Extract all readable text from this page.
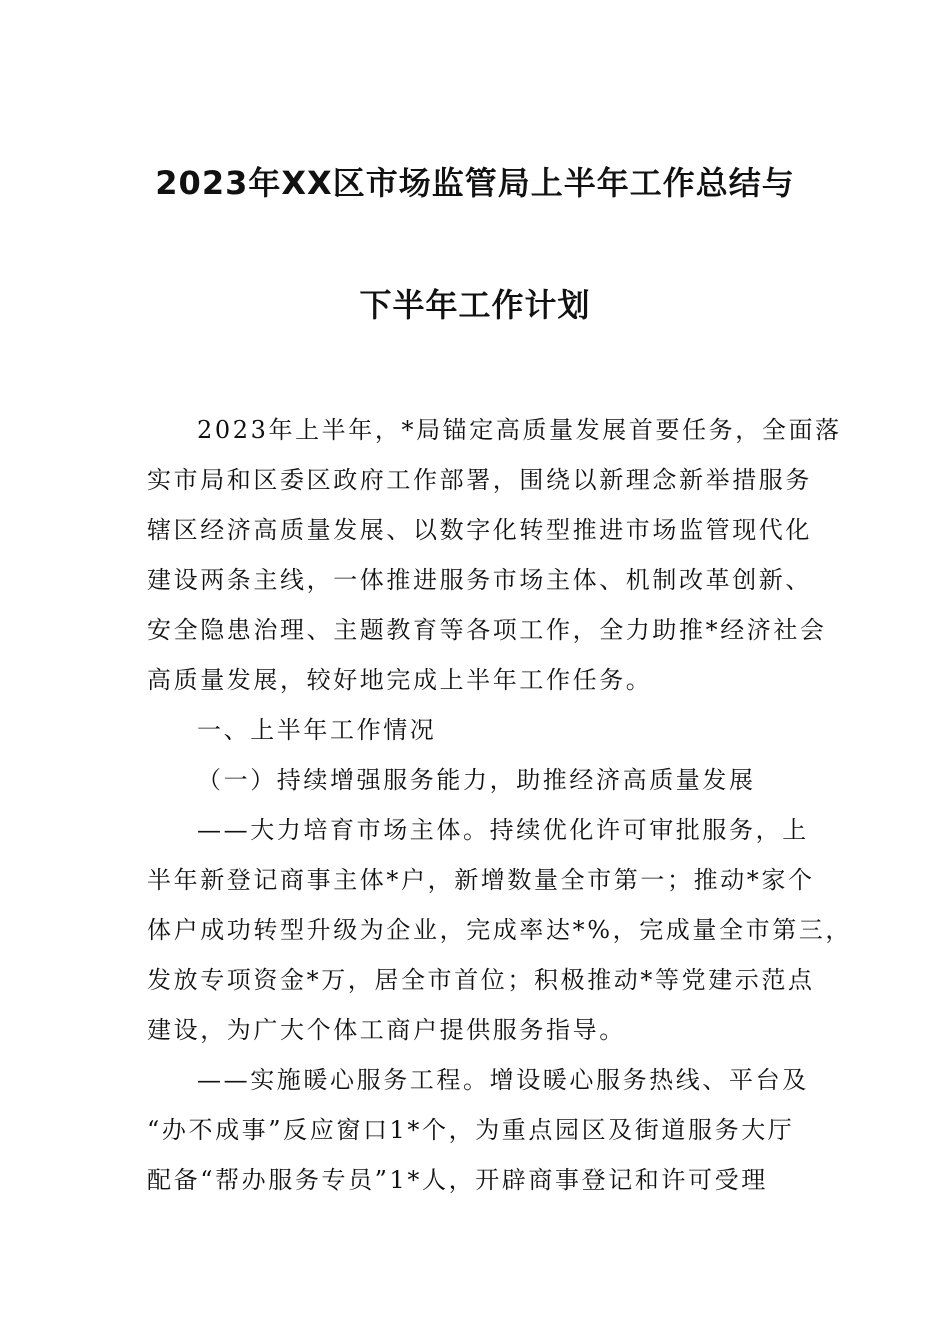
2023年XX区市场监管局上半年工作总结与
下半年工作计划
2023年上半年，*局锚定高质量发展首要任务，全面落
实市局和区委区政府工作部署，围绕以新理念新举措服务
辖区经济高质量发展、以数字化转型推进市场监管现代化
建设两条主线，一体推进服务市场主体、机制改革创新、
安全隐患治理、主题教育等各项工作，全力助推*经济社会
高质量发展，较好地完成上半年工作任务。
一、上半年工作情况
（一）持续增强服务能力，助推经济高质量发展
——大力培育市场主体。持续优化许可审批服务，上
半年新登记商事主体*户，新增数量全市第一；推动*家个
体户成功转型升级为企业，完成率达*%，完成量全市第三，
发放专项资金*万，居全市首位；积极推动*等党建示范点
建设，为广大个体工商户提供服务指导。
——实施暖心服务工程。增设暖心服务热线、平台及
“办不成事”反应窗口1*个，为重点园区及街道服务大厅
配备“帮办服务专员”1*人，开辟商事登记和许可受理
